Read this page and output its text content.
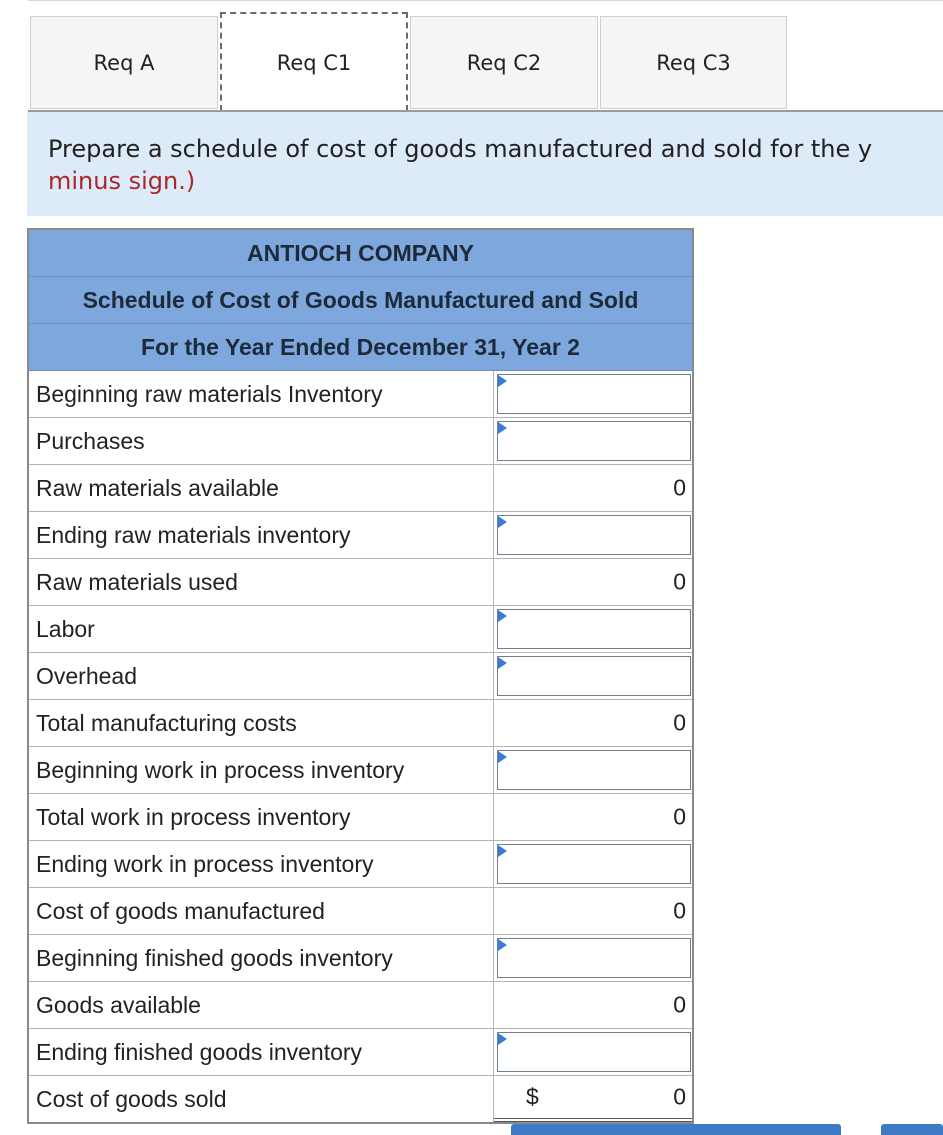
Req A	Req C1	Req C2	Req C3

Prepare a schedule of cost of goods manufactured and sold for the y
minus sign.)

ANTIOCH COMPANY
Schedule of Cost of Goods Manufactured and Sold
For the Year Ended December 31, Year 2
Beginning raw materials Inventory
Purchases
Raw materials available	0
Ending raw materials inventory
Raw materials used	0
Labor
Overhead
Total manufacturing costs	0
Beginning work in process inventory
Total work in process inventory	0
Ending work in process inventory
Cost of goods manufactured	0
Beginning finished goods inventory
Goods available	0
Ending finished goods inventory
Cost of goods sold	$	0
